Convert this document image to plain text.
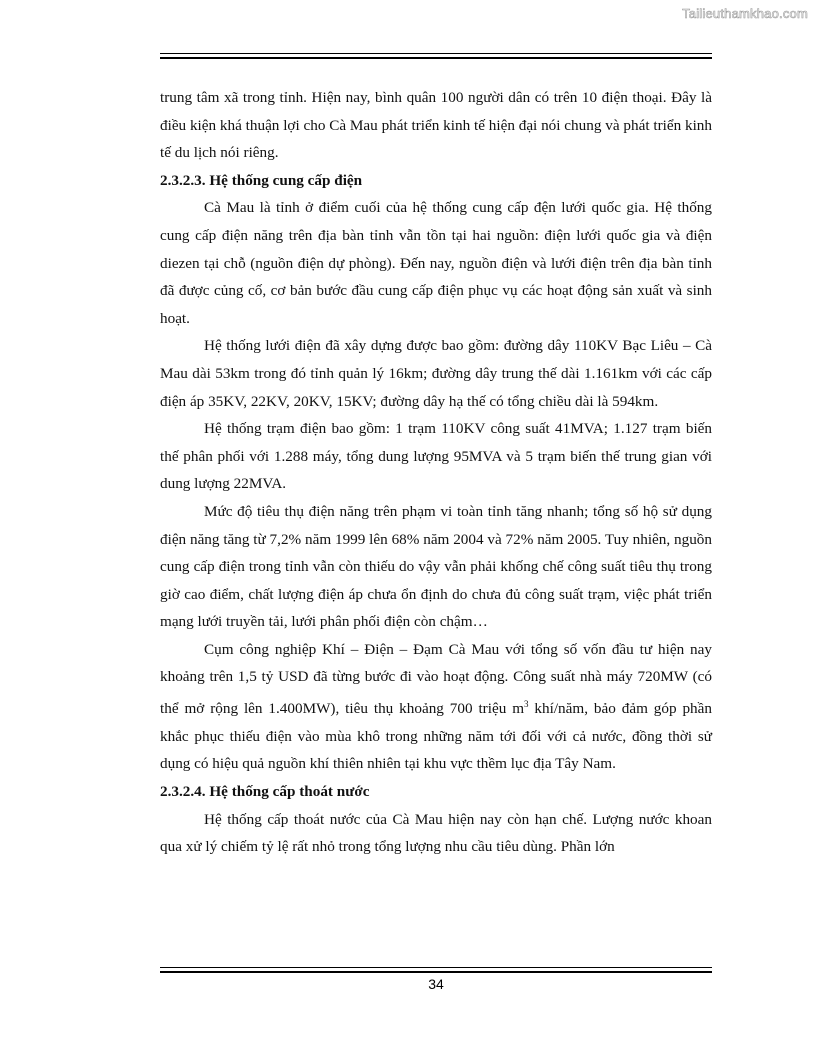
Tailieuthamkhao.com

trung tâm xã trong tỉnh. Hiện nay, bình quân 100 người dân có trên 10 điện thoại. Đây là điều kiện khá thuận lợi cho Cà Mau phát triển kinh tế hiện đại nói chung và phát triển kinh tế du lịch nói riêng.

2.3.2.3. Hệ thống cung cấp điện

Cà Mau là tỉnh ở điểm cuối của hệ thống cung cấp đện lưới quốc gia. Hệ thống cung cấp điện năng trên địa bàn tỉnh vẫn tồn tại hai nguồn: điện lưới quốc gia và điện diezen tại chỗ (nguồn điện dự phòng). Đến nay, nguồn điện và lưới điện trên địa bàn tỉnh đã được củng cố, cơ bản bước đầu cung cấp điện phục vụ các hoạt động sản xuất và sinh hoạt.

Hệ thống lưới điện đã xây dựng được bao gồm: đường dây 110KV Bạc Liêu – Cà Mau dài 53km trong đó tỉnh quản lý 16km; đường dây trung thế dài 1.161km với các cấp điện áp 35KV, 22KV, 20KV, 15KV; đường dây hạ thế có tổng chiều dài là 594km.

Hệ thống trạm điện bao gồm: 1 trạm 110KV công suất 41MVA; 1.127 trạm biến thế phân phối với 1.288 máy, tổng dung lượng 95MVA và 5 trạm biến thế trung gian với dung lượng 22MVA.

Mức độ tiêu thụ điện năng trên phạm vi toàn tỉnh tăng nhanh; tổng số hộ sử dụng điện năng tăng từ 7,2% năm 1999 lên 68% năm 2004 và 72% năm 2005. Tuy nhiên, nguồn cung cấp điện trong tỉnh vẫn còn thiếu do vậy vẫn phải khống chế công suất tiêu thụ trong giờ cao điểm, chất lượng điện áp chưa ổn định do chưa đủ công suất trạm, việc phát triển mạng lưới truyền tải, lưới phân phối điện còn chậm…

Cụm công nghiệp Khí – Điện – Đạm Cà Mau với tổng số vốn đầu tư hiện nay khoảng trên 1,5 tỷ USD đã từng bước đi vào hoạt động. Công suất nhà máy 720MW (có thể mở rộng lên 1.400MW), tiêu thụ khoảng 700 triệu $m^3$ khí/năm, bảo đảm góp phần khắc phục thiếu điện vào mùa khô trong những năm tới đối với cả nước, đồng thời sử dụng có hiệu quả nguồn khí thiên nhiên tại khu vực thềm lục địa Tây Nam.

2.3.2.4. Hệ thống cấp thoát nước

Hệ thống cấp thoát nước của Cà Mau hiện nay còn hạn chế. Lượng nước khoan qua xử lý chiếm tỷ lệ rất nhỏ trong tổng lượng nhu cầu tiêu dùng. Phần lớn

34
